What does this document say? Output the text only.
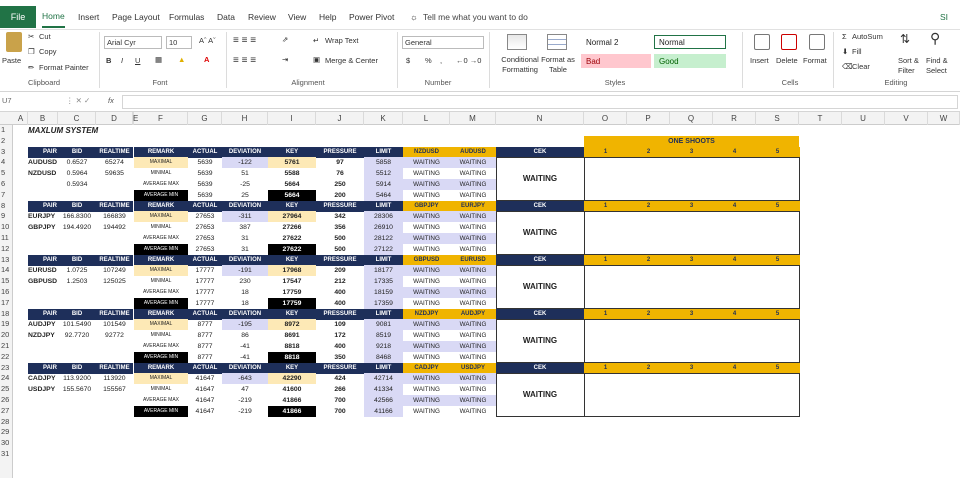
File	Home Insert Page Layout Formulas Data Review View Help Power Pivot ☼ Tell me what you want to do	SI
Paste
✂ Cut
❐ Copy
✏ Format Painter
Clipboard
Arial Cyr	10	Aˆ Aˇ
B I U ▦ ▲ A
Font
≡ ≡ ≡	⇗	↵ Wrap Text
≡ ≡ ≡	⇥	▣ Merge & Center
Alignment
General
$ % , ←0 →0
Number
Conditional Formatting
Format as Table
Normal 2	Normal
Bad	Good
Styles
Insert Delete Format
Cells
Σ AutoSum
⬇ Fill
⌫ Clear
⇅
Sort & Filter
⚲
Find & Select
Editing
U7	⋮ ✕ ✓ fx
A	B	C	D	E	F	G	H	I	J	K	L	M	N	O	P	Q	R	S	T	U	V	W
1
2
3
4
5
6
7
8
9
10
11
12
13
14
15
16
17
18
19
20
21
22
23
24
25
26
27
28
29
30
31
MAXLUM SYSTEM
ONE SHOOTS
PAIR	BID	REALTIME	REMARK	ACTUAL	DEVIATION	KEY	PRESSURE	LIMIT	NZDUSD	AUDUSD	CEK	1	2	3	4	5
AUDUSD	0.6527	65274	MAXIMAL	5639	-122	5761	97	5858	WAITING	WAITING
NZDUSD	0.5964	59635	MINIMAL	5639	51	5588	76	5512	WAITING	WAITING
0.5934	AVERAGE MAX	5639	-25	5664	250	5914	WAITING	WAITING
AVERAGE MIN	5639	25	5664	200	5464	WAITING	WAITING
WAITING
PAIR	BID	REALTIME	REMARK	ACTUAL	DEVIATION	KEY	PRESSURE	LIMIT	GBPJPY	EURJPY	CEK	1	2	3	4	5
EURJPY	166.8300	166839	MAXIMAL	27653	-311	27964	342	28306	WAITING	WAITING
GBPJPY	194.4920	194492	MINIMAL	27653	387	27266	356	26910	WAITING	WAITING
AVERAGE MAX	27653	31	27622	500	28122	WAITING	WAITING
AVERAGE MIN	27653	31	27622	500	27122	WAITING	WAITING
WAITING
PAIR	BID	REALTIME	REMARK	ACTUAL	DEVIATION	KEY	PRESSURE	LIMIT	GBPUSD	EURUSD	CEK	1	2	3	4	5
EURUSD	1.0725	107249	MAXIMAL	17777	-191	17968	209	18177	WAITING	WAITING
GBPUSD	1.2503	125025	MINIMAL	17777	230	17547	212	17335	WAITING	WAITING
AVERAGE MAX	17777	18	17759	400	18159	WAITING	WAITING
AVERAGE MIN	17777	18	17759	400	17359	WAITING	WAITING
WAITING
PAIR	BID	REALTIME	REMARK	ACTUAL	DEVIATION	KEY	PRESSURE	LIMIT	NZDJPY	AUDJPY	CEK	1	2	3	4	5
AUDJPY	101.5490	101549	MAXIMAL	8777	-195	8972	109	9081	WAITING	WAITING
NZDJPY	92.7720	92772	MINIMAL	8777	86	8691	172	8519	WAITING	WAITING
AVERAGE MAX	8777	-41	8818	400	9218	WAITING	WAITING
AVERAGE MIN	8777	-41	8818	350	8468	WAITING	WAITING
WAITING
PAIR	BID	REALTIME	REMARK	ACTUAL	DEVIATION	KEY	PRESSURE	LIMIT	CADJPY	USDJPY	CEK	1	2	3	4	5
CADJPY	113.9200	113920	MAXIMAL	41647	-643	42290	424	42714	WAITING	WAITING
USDJPY	155.5670	155567	MINIMAL	41647	47	41600	266	41334	WAITING	WAITING
AVERAGE MAX	41647	-219	41866	700	42566	WAITING	WAITING
AVERAGE MIN	41647	-219	41866	700	41166	WAITING	WAITING
WAITING
